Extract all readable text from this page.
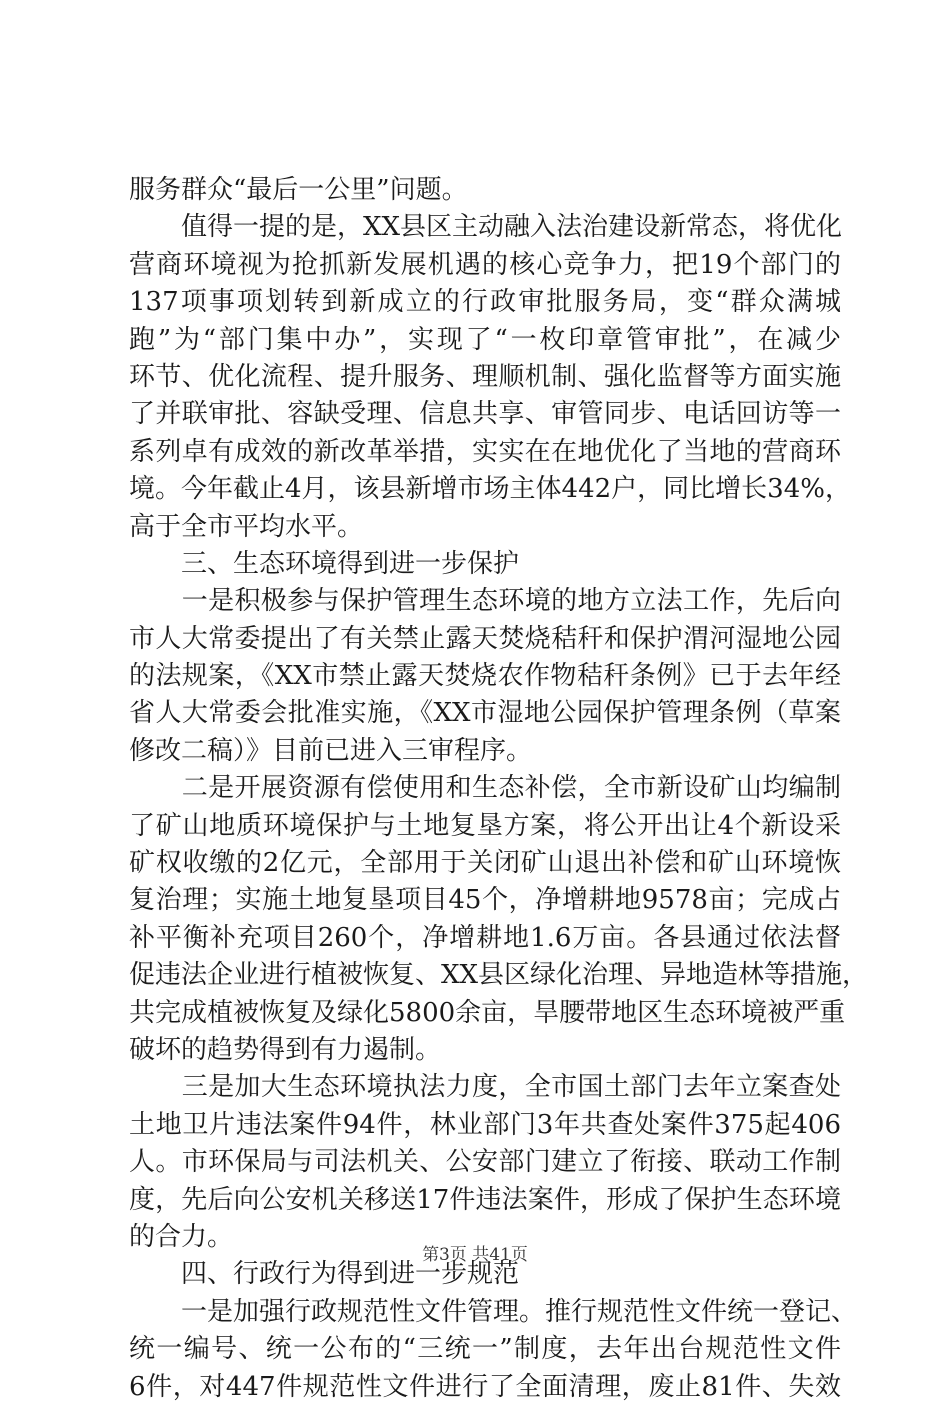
服务群众“最后一公里”问题。
　　值得一提的是，XX县区主动融入法治建设新常态，将优化
营商环境视为抢抓新发展机遇的核心竞争力，把19个部门的
137项事项划转到新成立的行政审批服务局，变“群众满城
跑”为“部门集中办”，实现了“一枚印章管审批”，在减少
环节、优化流程、提升服务、理顺机制、强化监督等方面实施
了并联审批、容缺受理、信息共享、审管同步、电话回访等一
系列卓有成效的新改革举措，实实在在地优化了当地的营商环
境。今年截止4月，该县新增市场主体442户，同比增长34%，
高于全市平均水平。
　　三、生态环境得到进一步保护
　　一是积极参与保护管理生态环境的地方立法工作，先后向
市人大常委提出了有关禁止露天焚烧秸秆和保护渭河湿地公园
的法规案，《XX市禁止露天焚烧农作物秸秆条例》已于去年经
省人大常委会批准实施，《XX市湿地公园保护管理条例（草案
修改二稿）》目前已进入三审程序。
　　二是开展资源有偿使用和生态补偿，全市新设矿山均编制
了矿山地质环境保护与土地复垦方案，将公开出让4个新设采
矿权收缴的2亿元，全部用于关闭矿山退出补偿和矿山环境恢
复治理；实施土地复垦项目45个，净增耕地9578亩；完成占
补平衡补充项目260个，净增耕地1.6万亩。各县通过依法督
促违法企业进行植被恢复、XX县区绿化治理、异地造林等措施，
共完成植被恢复及绿化5800余亩，旱腰带地区生态环境被严重
破坏的趋势得到有力遏制。
　　三是加大生态环境执法力度，全市国土部门去年立案查处
土地卫片违法案件94件，林业部门3年共查处案件375起406
人。市环保局与司法机关、公安部门建立了衔接、联动工作制
度，先后向公安机关移送17件违法案件，形成了保护生态环境
的合力。
　　四、行政行为得到进一步规范
　　一是加强行政规范性文件管理。推行规范性文件统一登记、
统一编号、统一公布的“三统一”制度，去年出台规范性文件
6件，对447件规范性文件进行了全面清理，废止81件、失效
第3页 共41页
